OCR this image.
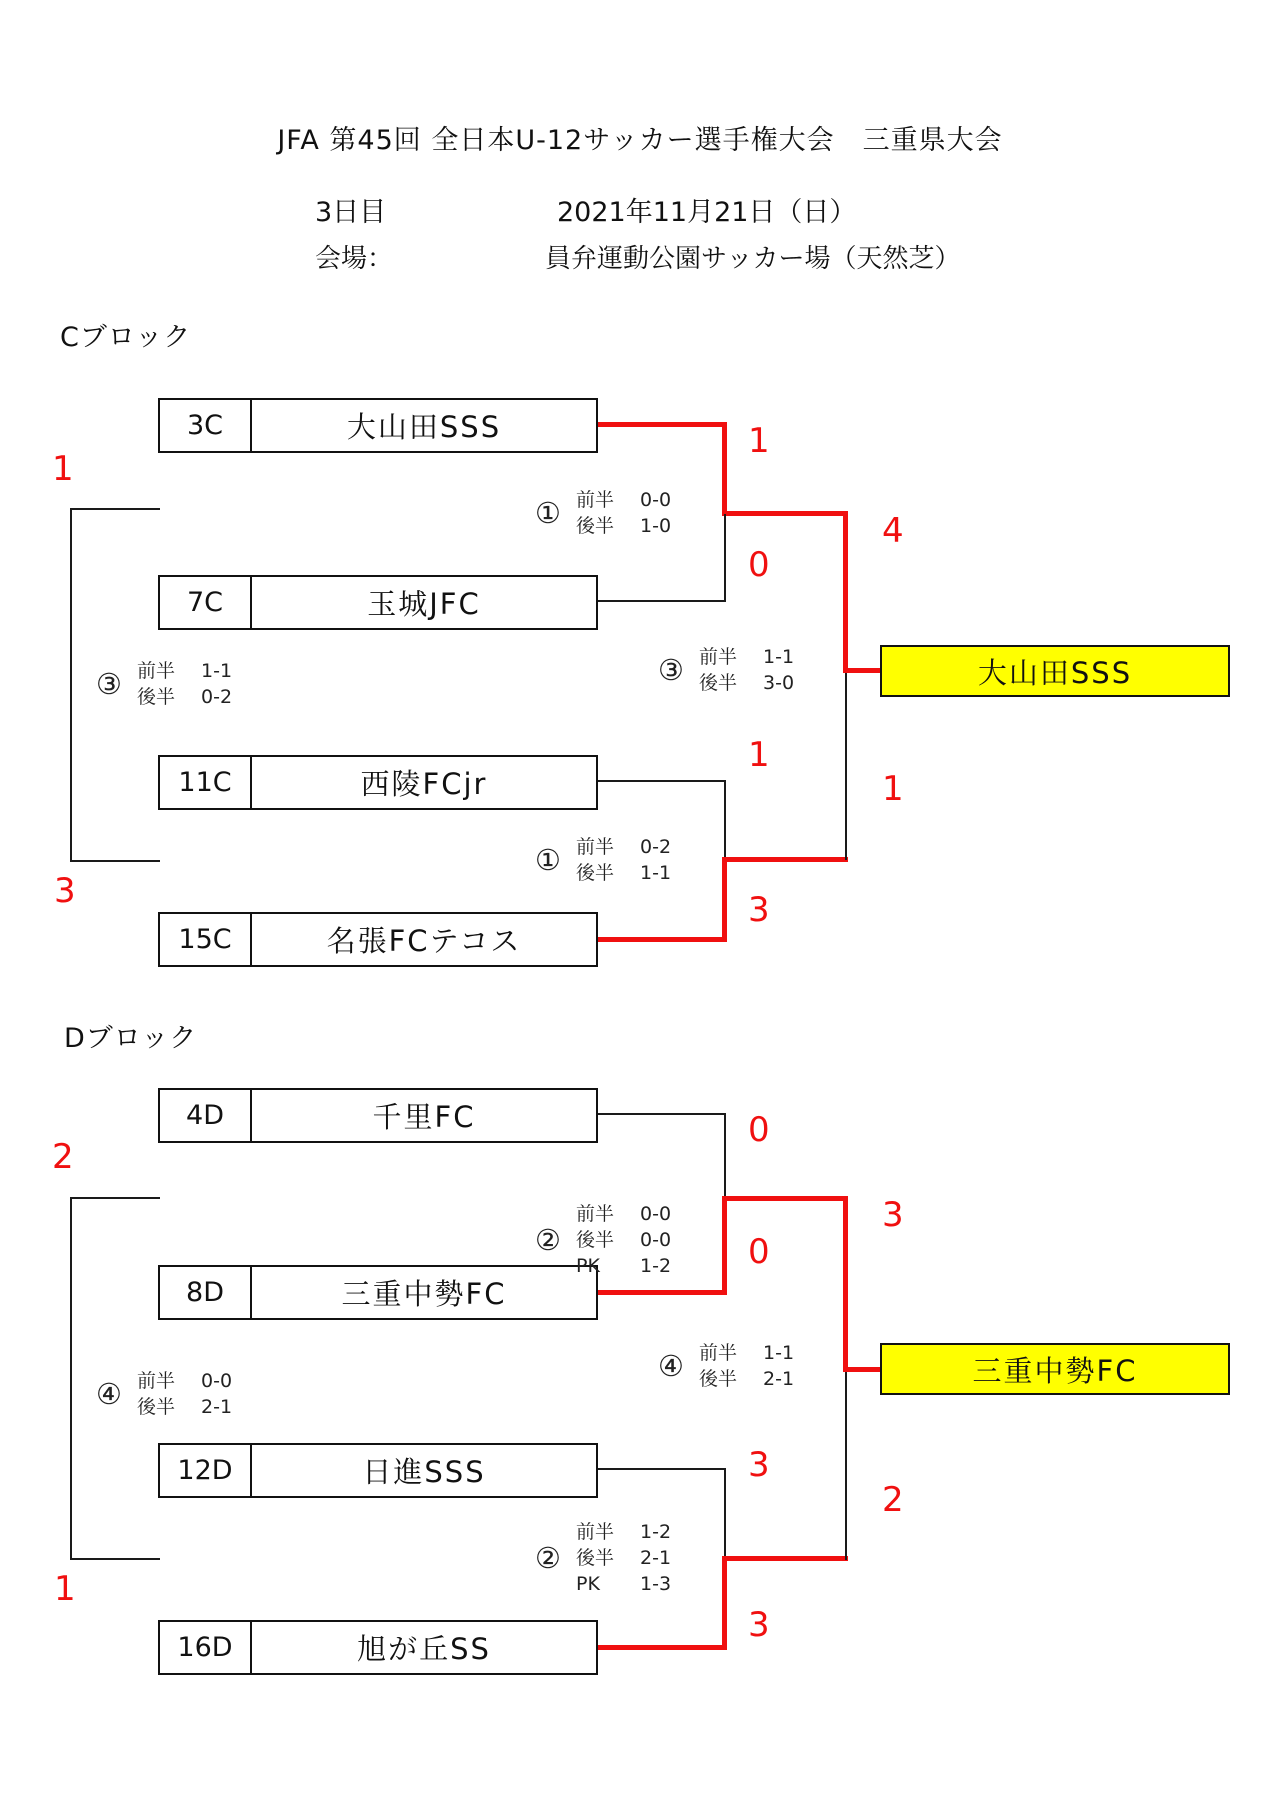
JFA 第45回 全日本U-12サッカー選手権大会　三重県大会
3日目	2021年11月21日（日）
会場：	員弁運動公園サッカー場（天然芝）
Cブロック
3C	大山田SSS
7C	玉城JFC
11C	西陵FCjr
15C	名張FCテコス
1
0
1
3
4
1
1
3
① 前半 0-0
後半 1-0
① 前半 0-2
後半 1-1
③ 前半 1-1
後半 3-0
③ 前半 1-1
後半 0-2
大山田SSS
Dブロック
4D	千里FC
8D	三重中勢FC
12D	日進SSS
16D	旭が丘SS
0
0
3
3
3
2
2
1
②
前半 0-0
後半 0-0
PK 1-2
②
前半 1-2
後半 2-1
PK 1-3
④ 前半 1-1
後半 2-1
④ 前半 0-0
後半 2-1
三重中勢FC
